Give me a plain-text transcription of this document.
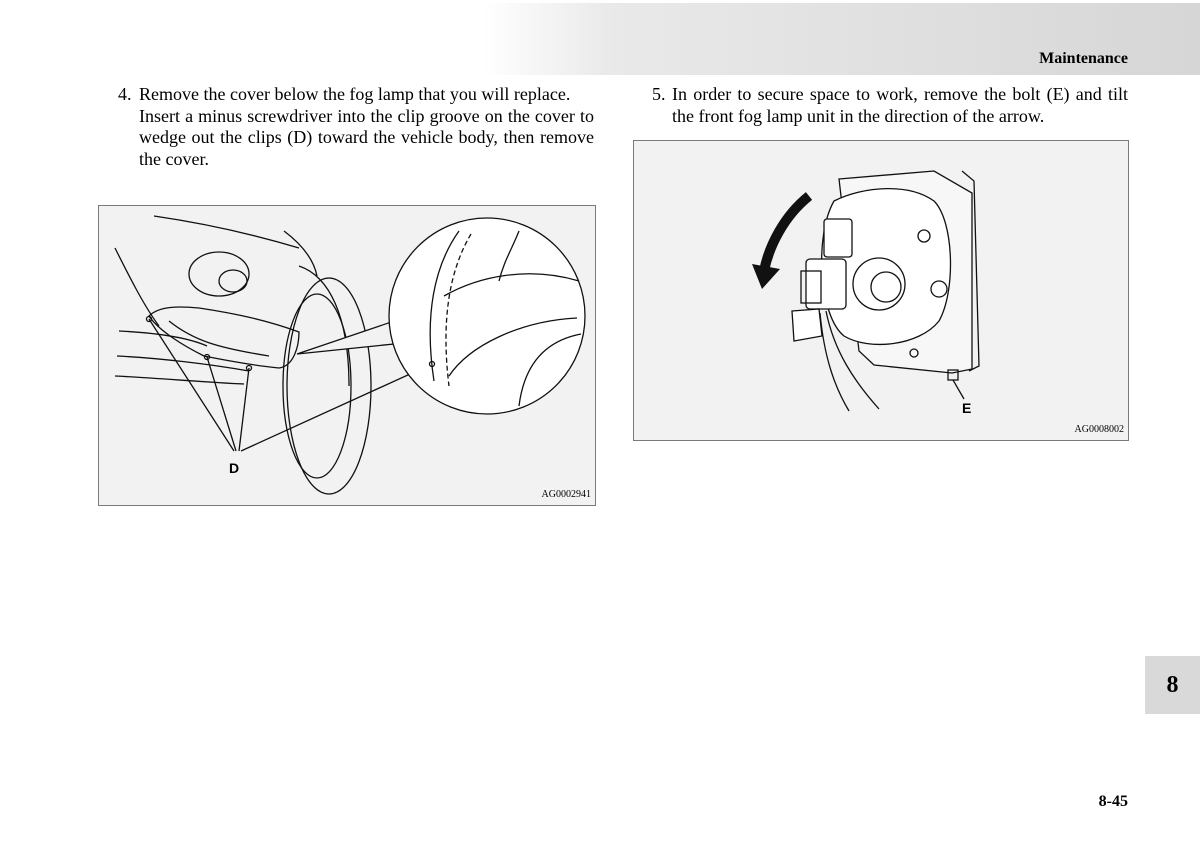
Maintenance
4. Remove the cover below the fog lamp that you will replace.

Insert a minus screwdriver into the clip groove on the cover to wedge out the clips (D) toward the vehicle body, then remove the cover.

5. In order to secure space to work, remove the bolt (E) and tilt the front fog lamp unit in the direction of the arrow.

D
AG0002941
E
AG0008002
8
8-45
